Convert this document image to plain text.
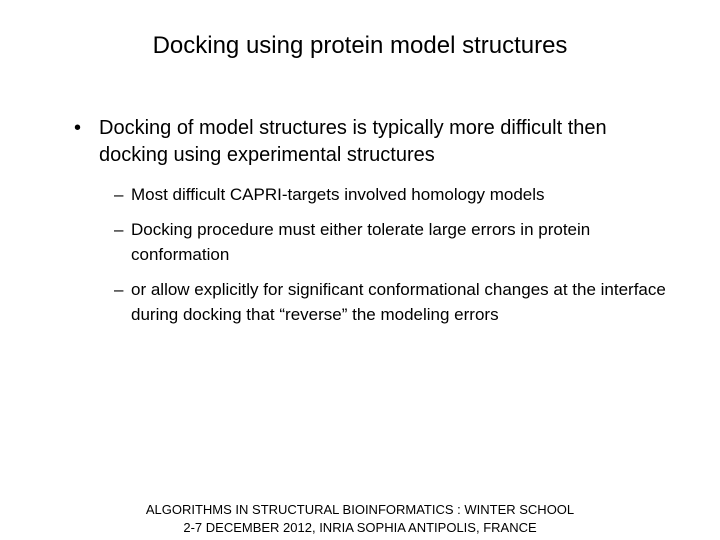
Docking using protein model structures
• Docking of model structures is typically more difficult then docking using experimental structures
– Most difficult CAPRI-targets involved homology models
– Docking procedure must either tolerate large errors in protein conformation
– or allow explicitly for significant conformational changes at the interface during docking that “reverse” the modeling errors
ALGORITHMS IN STRUCTURAL BIOINFORMATICS : WINTER SCHOOL
2-7 DECEMBER 2012, INRIA SOPHIA ANTIPOLIS, FRANCE
